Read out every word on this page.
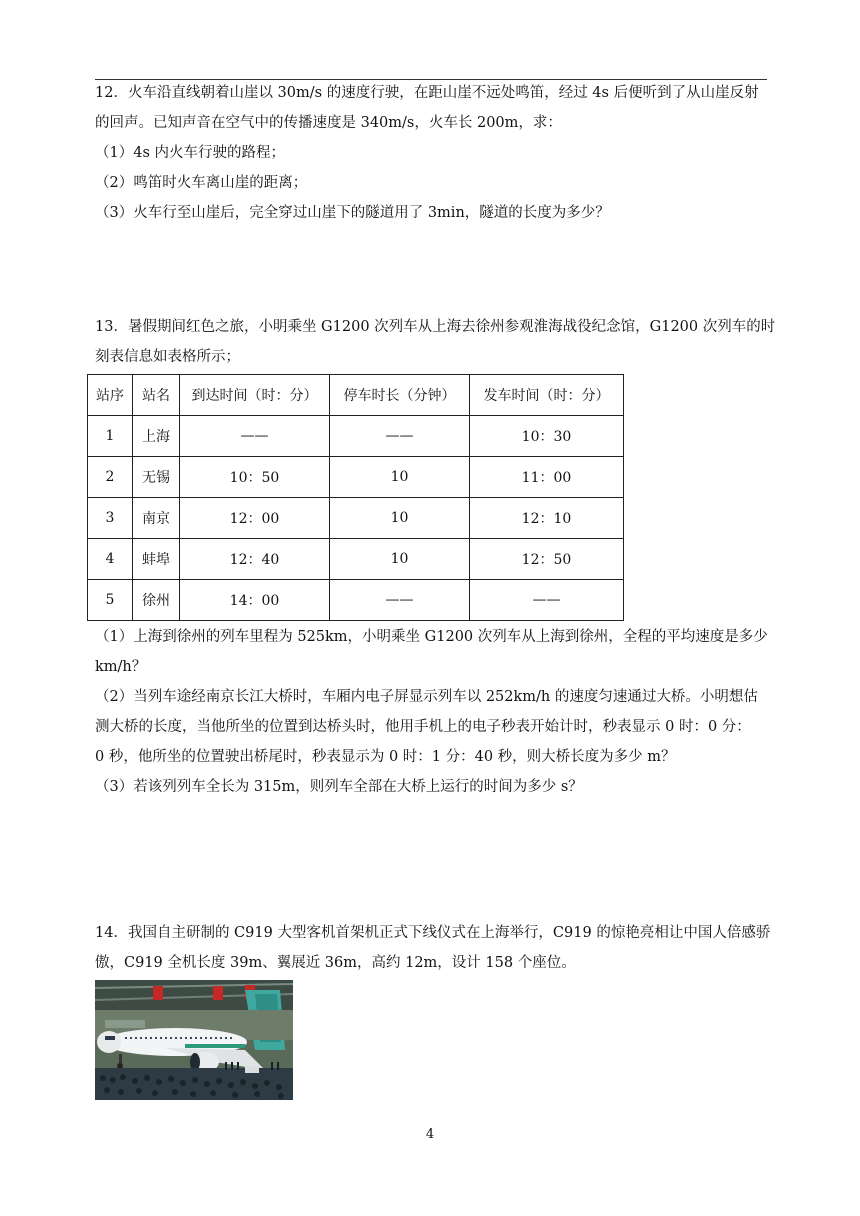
12．火车沿直线朝着山崖以 30m/s 的速度行驶，在距山崖不远处鸣笛，经过 4s 后便听到了从山崖反射
的回声。已知声音在空气中的传播速度是 340m/s，火车长 200m，求：

（1）4s 内火车行驶的路程；

（2）鸣笛时火车离山崖的距离；

（3）火车行至山崖后，完全穿过山崖下的隧道用了 3min，隧道的长度为多少？

13．暑假期间红色之旅，小明乘坐 G1200 次列车从上海去徐州参观淮海战役纪念馆，G1200 次列车的时
刻表信息如表格所示；

站序	站名	到达时间（时：分）	停车时长（分钟）	发车时间（时：分）
1	上海	——	——	10：30
2	无锡	10：50	10	11：00
3	南京	12：00	10	12：10
4	蚌埠	12：40	10	12：50
5	徐州	14：00	——	——

（1）上海到徐州的列车里程为 525km，小明乘坐 G1200 次列车从上海到徐州，全程的平均速度是多少

km/h？

（2）当列车途经南京长江大桥时，车厢内电子屏显示列车以 252km/h 的速度匀速通过大桥。小明想估

测大桥的长度，当他所坐的位置到达桥头时，他用手机上的电子秒表开始计时，秒表显示 0 时：0 分：

0 秒，他所坐的位置驶出桥尾时，秒表显示为 0 时：1 分：40 秒，则大桥长度为多少 m？

（3）若该列列车全长为 315m，则列车全部在大桥上运行的时间为多少 s？

14．我国自主研制的 C919 大型客机首架机正式下线仪式在上海举行，C919 的惊艳亮相让中国人倍感骄
傲，C919 全机长度 39m、翼展近 36m，高约 12m，设计 158 个座位。

4
